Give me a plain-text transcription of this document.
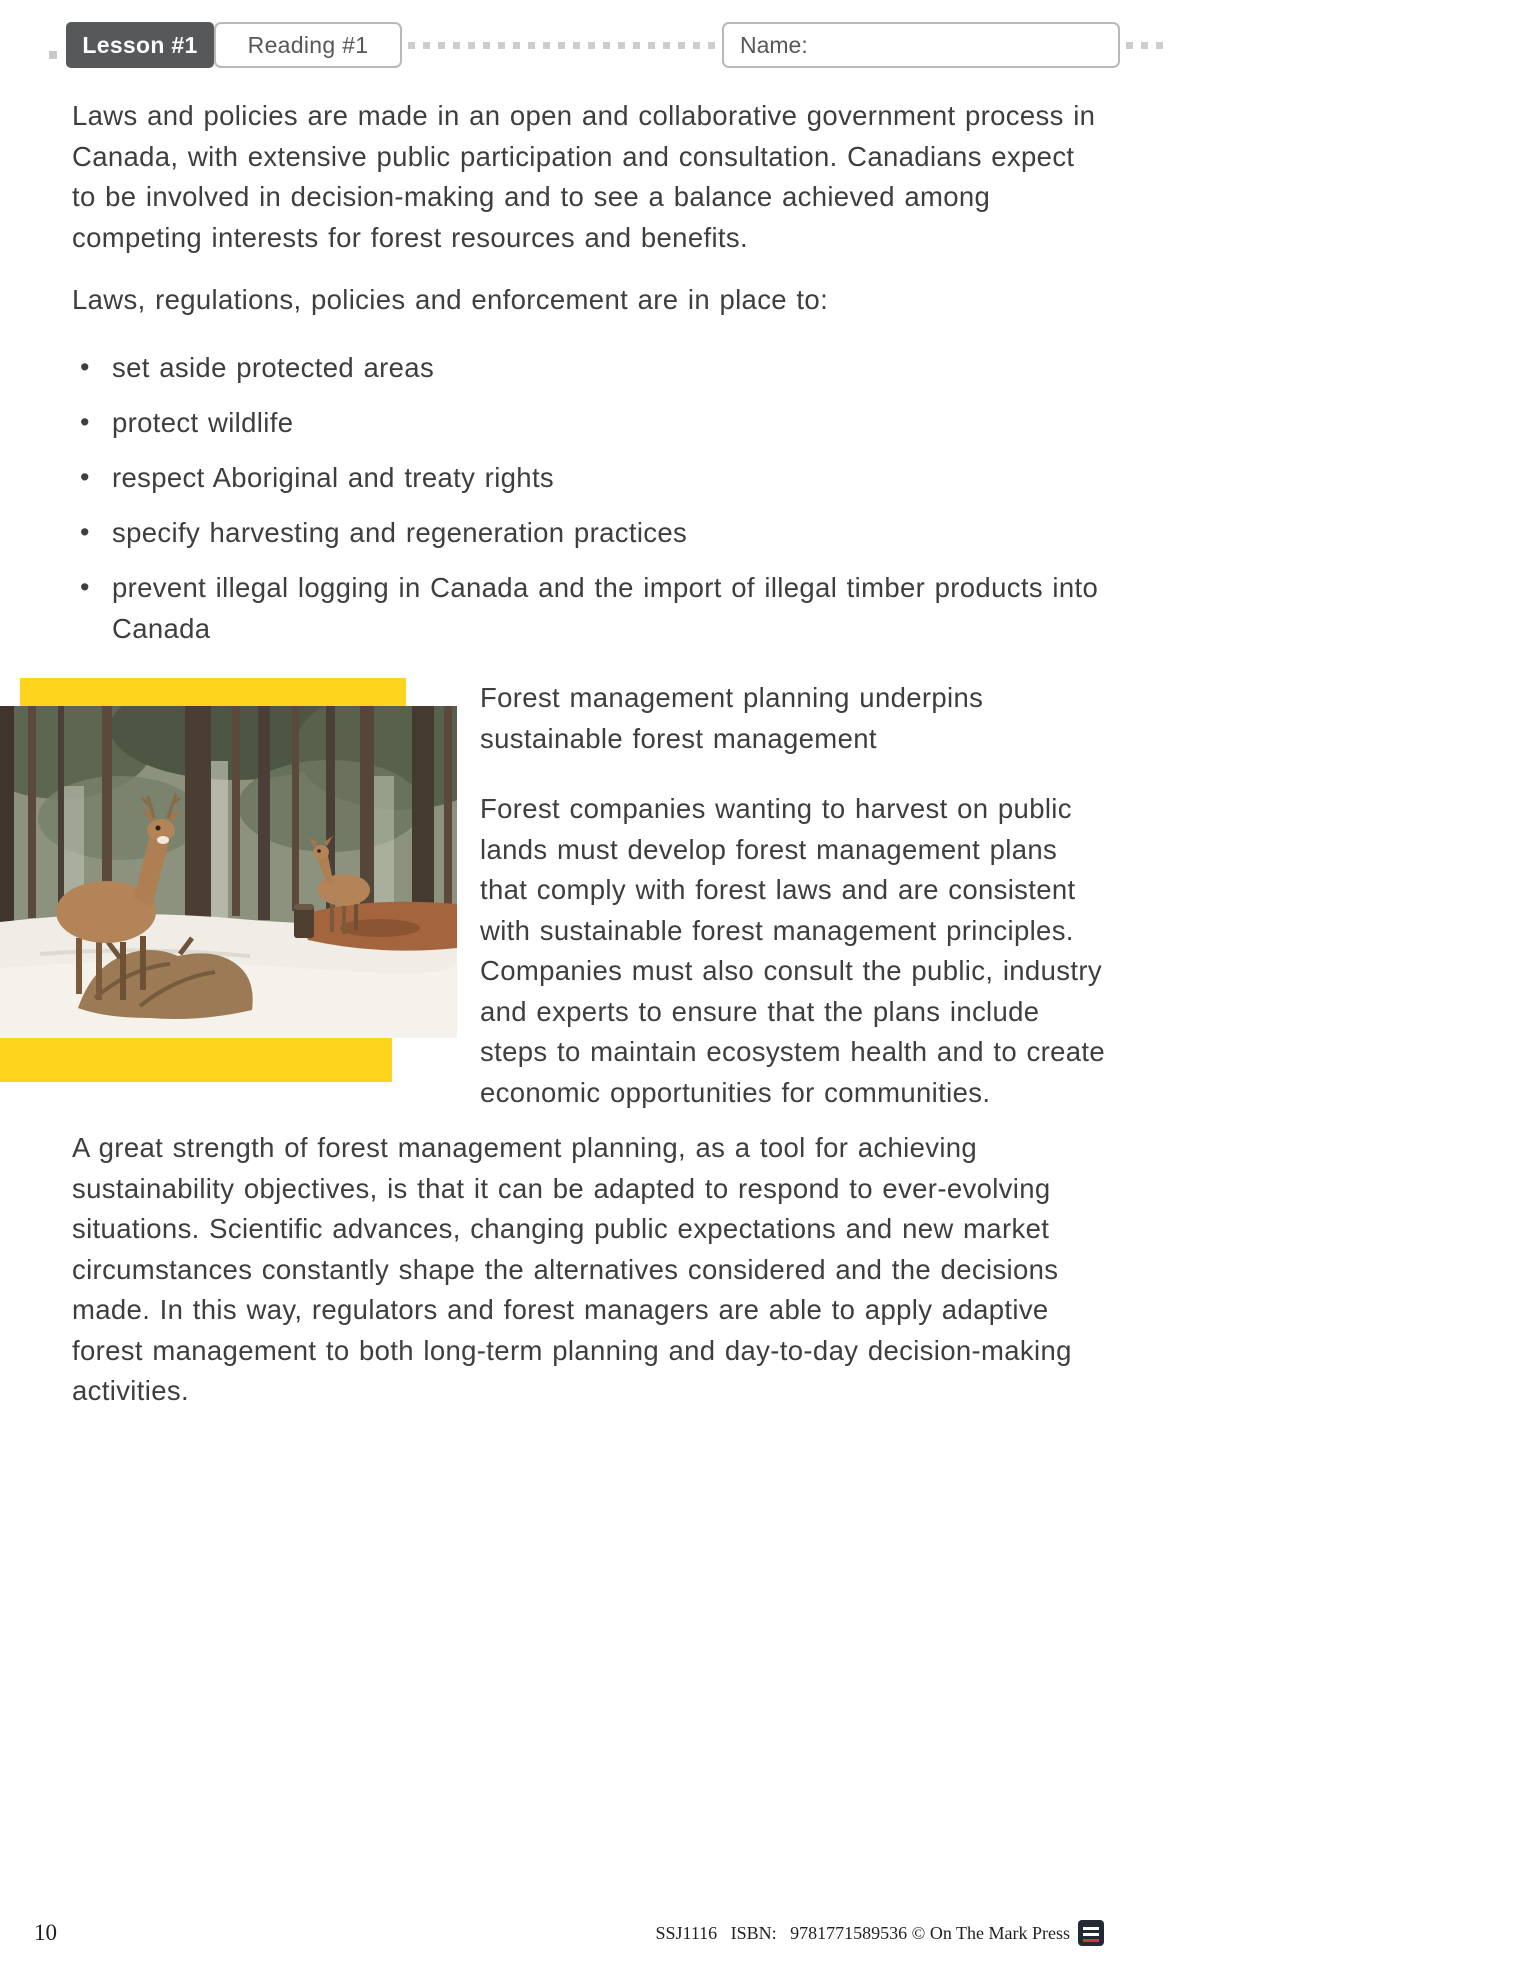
Lesson #1 Reading #1	Name:

Laws and policies are made in an open and collaborative government process in Canada, with extensive public participation and consultation. Canadians expect to be involved in decision-making and to see a balance achieved among competing interests for forest resources and benefits.

Laws, regulations, policies and enforcement are in place to:

• set aside protected areas
• protect wildlife
• respect Aboriginal and treaty rights
• specify harvesting and regeneration practices
• prevent illegal logging in Canada and the import of illegal timber products into Canada

Forest management planning underpins sustainable forest management

Forest companies wanting to harvest on public lands must develop forest management plans that comply with forest laws and are consistent with sustainable forest management principles. Companies must also consult the public, industry and experts to ensure that the plans include steps to maintain ecosystem health and to create economic opportunities for communities.

A great strength of forest management planning, as a tool for achieving sustainability objectives, is that it can be adapted to respond to ever-evolving situations. Scientific advances, changing public expectations and new market circumstances constantly shape the alternatives considered and the decisions made. In this way, regulators and forest managers are able to apply adaptive forest management to both long-term planning and day-to-day decision-making activities.

10	SSJ1116   ISBN:   9781771589536 © On The Mark Press
